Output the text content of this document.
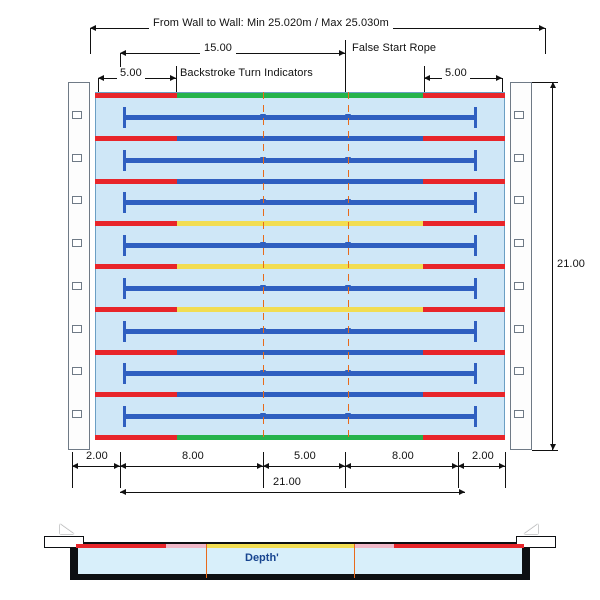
From Wall to Wall: Min 25.020m / Max 25.030m
15.00	False Start Rope
5.00	Backstroke Turn Indicators	5.00
Depth'
21.00
2.00	8.00	5.00	8.00	2.00
21.00
